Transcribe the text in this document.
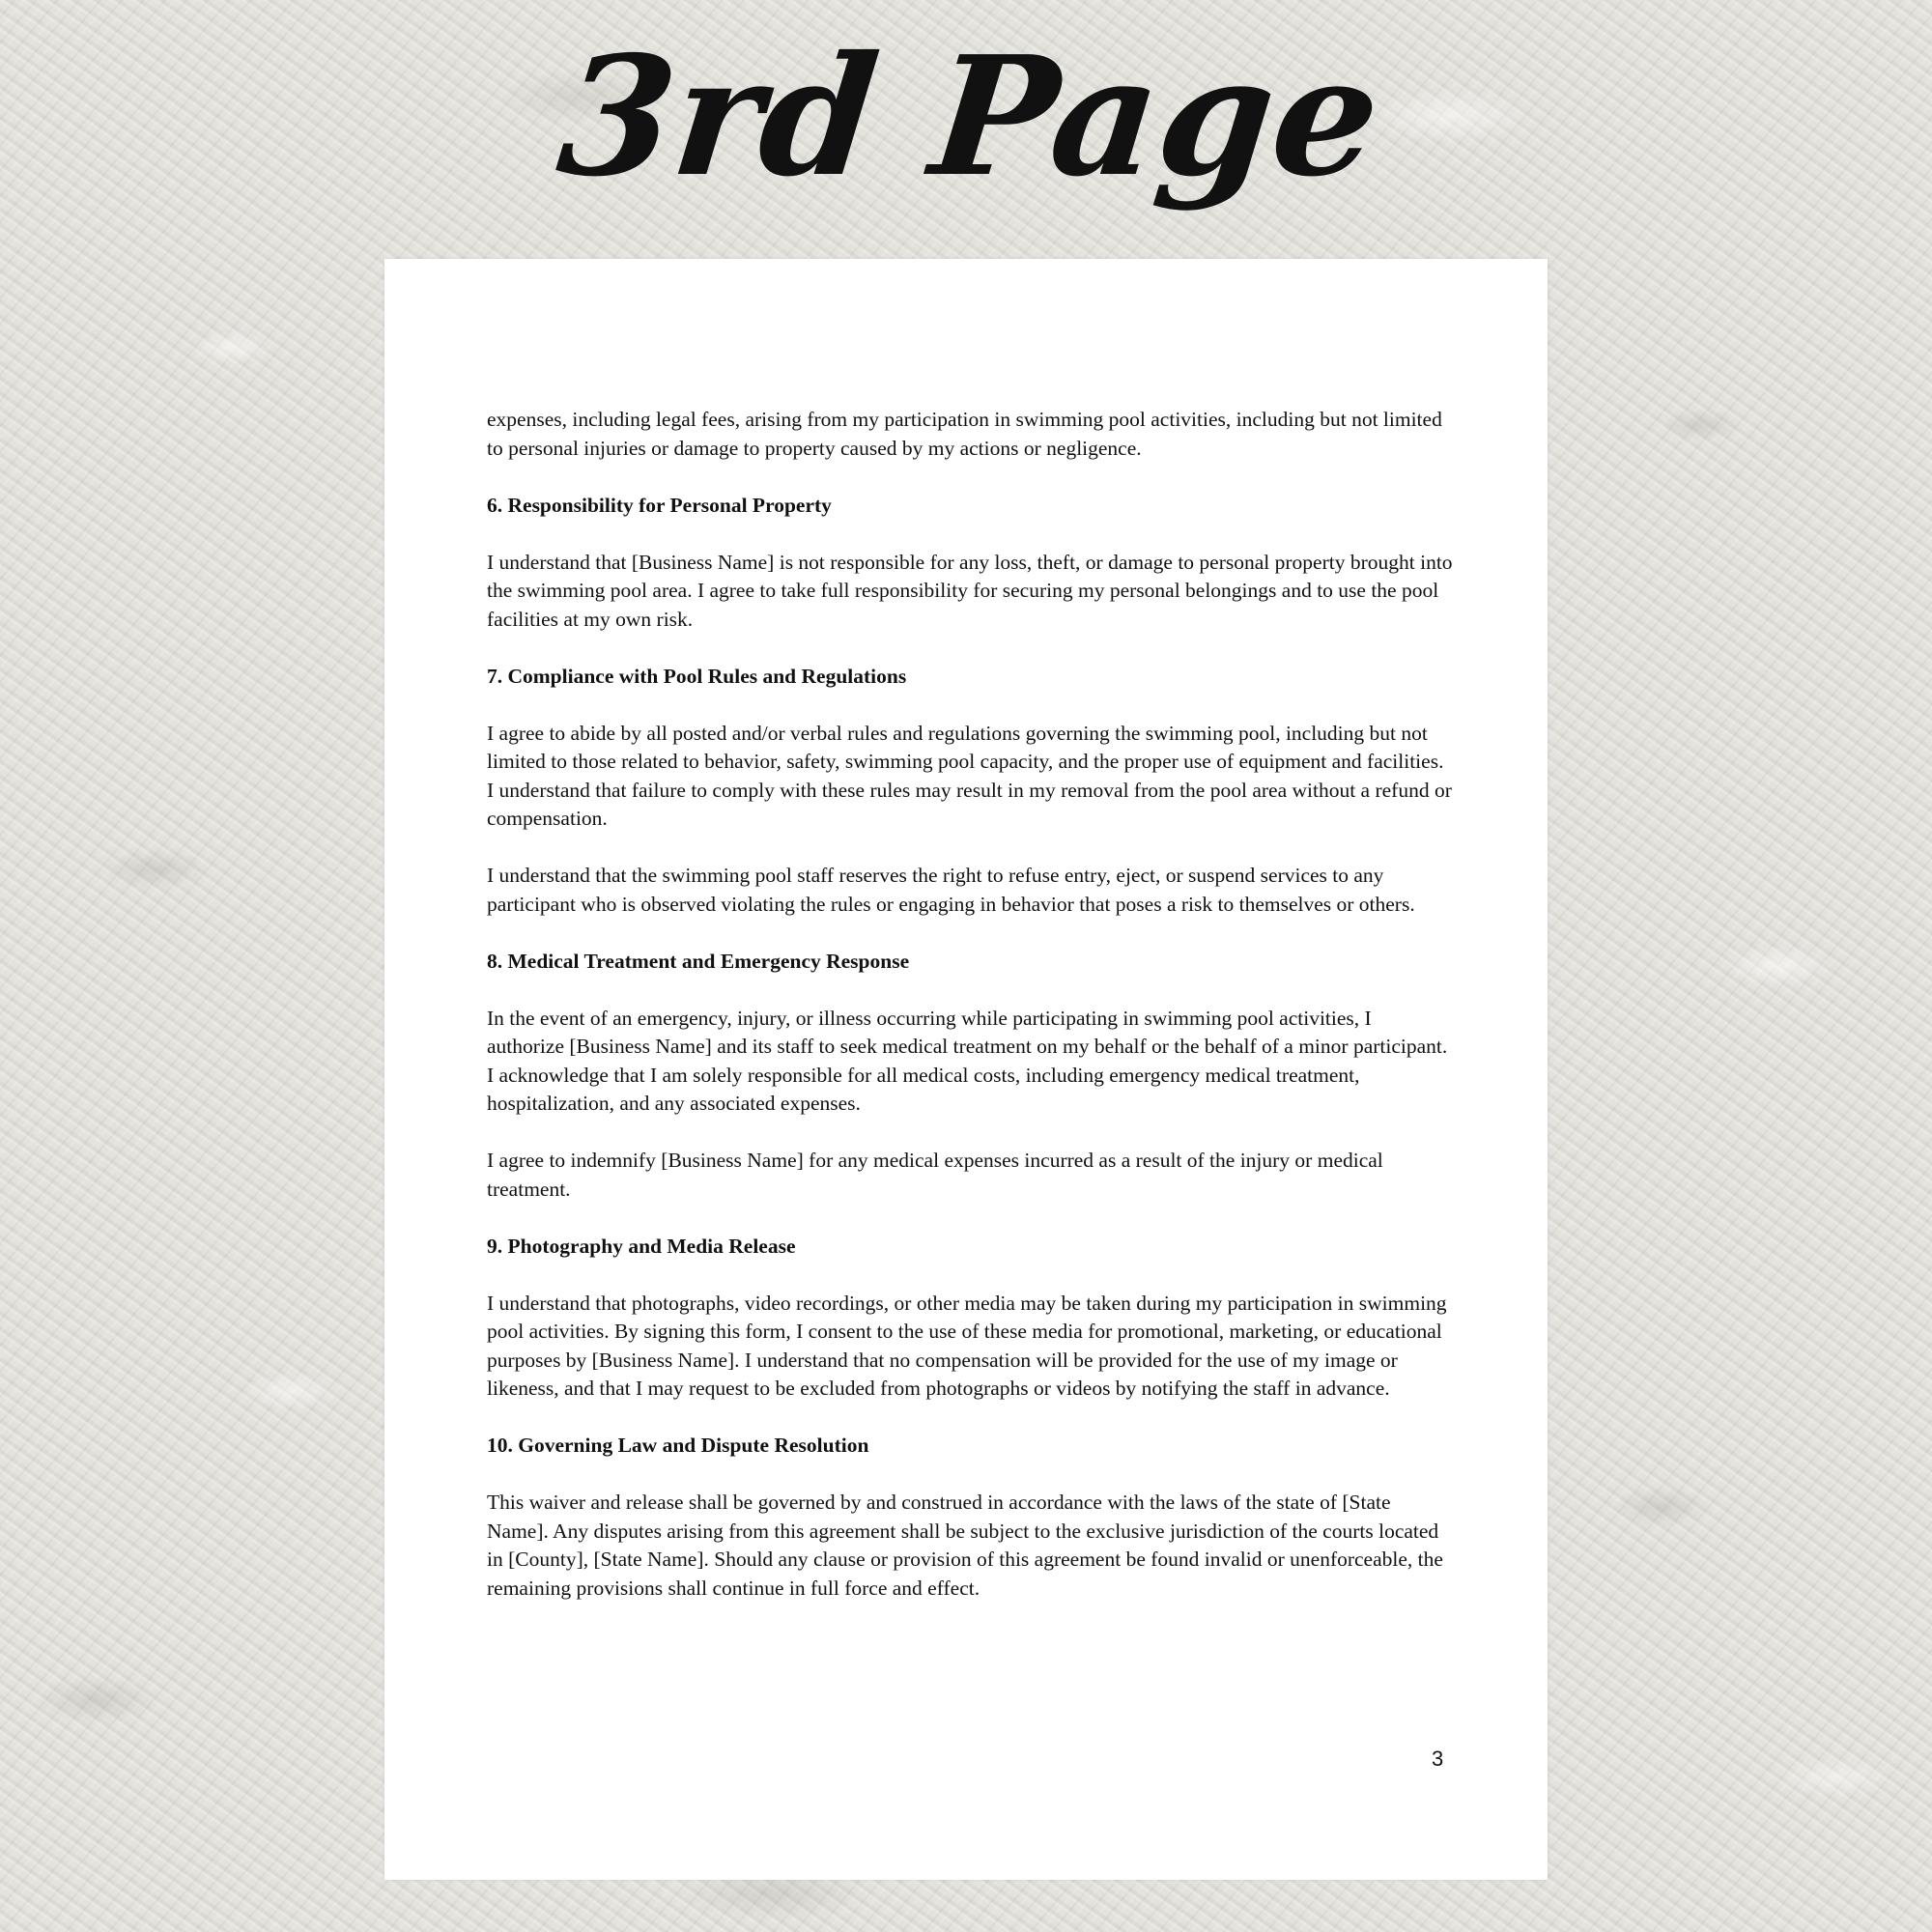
3rd Page

expenses, including legal fees, arising from my participation in swimming pool activities, including but not limited to personal injuries or damage to property caused by my actions or negligence.

6. Responsibility for Personal Property

I understand that [Business Name] is not responsible for any loss, theft, or damage to personal property brought into the swimming pool area. I agree to take full responsibility for securing my personal belongings and to use the pool facilities at my own risk.

7. Compliance with Pool Rules and Regulations

I agree to abide by all posted and/or verbal rules and regulations governing the swimming pool, including but not limited to those related to behavior, safety, swimming pool capacity, and the proper use of equipment and facilities. I understand that failure to comply with these rules may result in my removal from the pool area without a refund or compensation.

I understand that the swimming pool staff reserves the right to refuse entry, eject, or suspend services to any participant who is observed violating the rules or engaging in behavior that poses a risk to themselves or others.

8. Medical Treatment and Emergency Response

In the event of an emergency, injury, or illness occurring while participating in swimming pool activities, I authorize [Business Name] and its staff to seek medical treatment on my behalf or the behalf of a minor participant. I acknowledge that I am solely responsible for all medical costs, including emergency medical treatment, hospitalization, and any associated expenses.

I agree to indemnify [Business Name] for any medical expenses incurred as a result of the injury or medical treatment.

9. Photography and Media Release

I understand that photographs, video recordings, or other media may be taken during my participation in swimming pool activities. By signing this form, I consent to the use of these media for promotional, marketing, or educational purposes by [Business Name]. I understand that no compensation will be provided for the use of my image or likeness, and that I may request to be excluded from photographs or videos by notifying the staff in advance.

10. Governing Law and Dispute Resolution

This waiver and release shall be governed by and construed in accordance with the laws of the state of [State Name]. Any disputes arising from this agreement shall be subject to the exclusive jurisdiction of the courts located in [County], [State Name]. Should any clause or provision of this agreement be found invalid or unenforceable, the remaining provisions shall continue in full force and effect.

3
